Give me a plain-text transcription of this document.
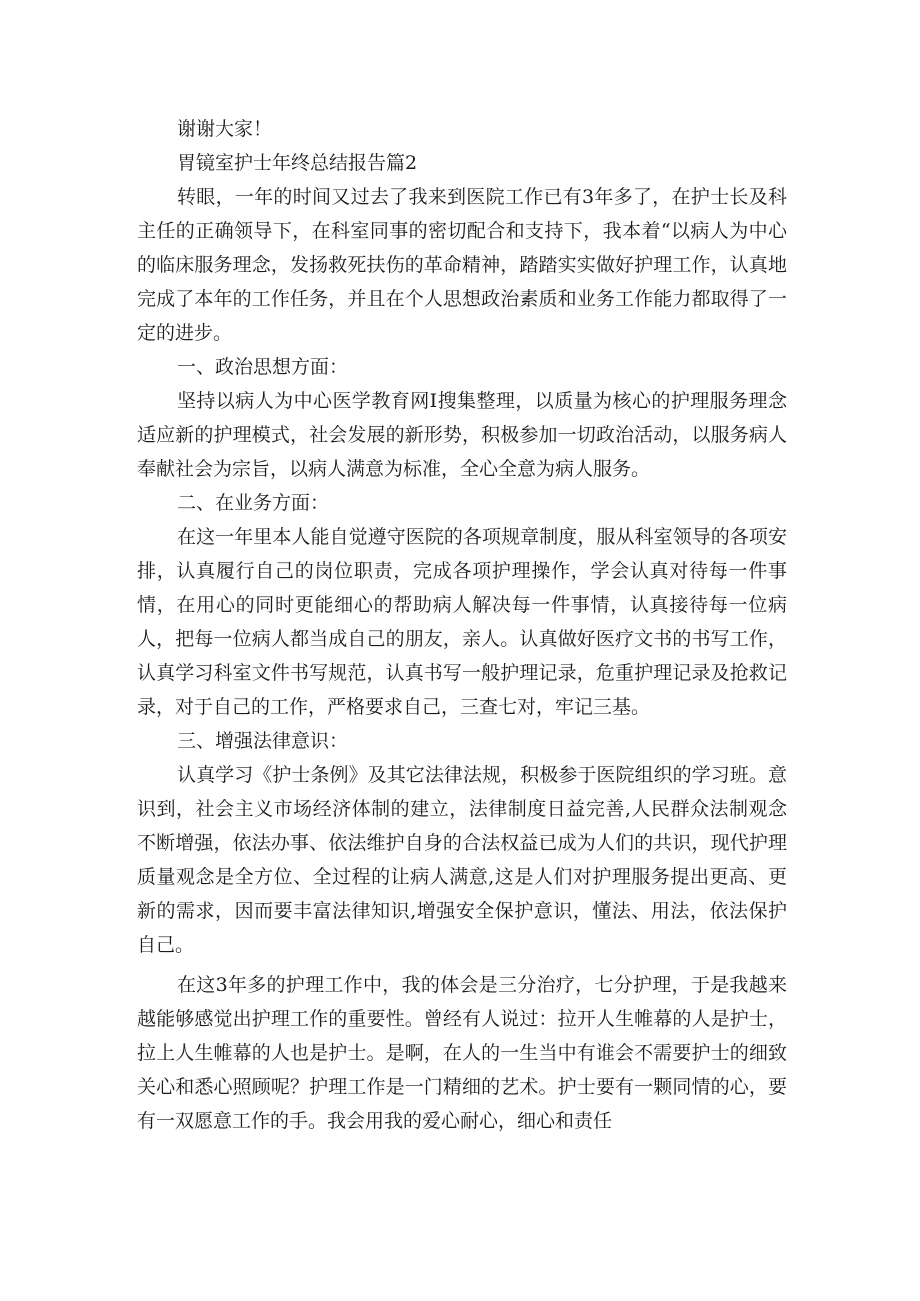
谢谢大家！

胃镜室护士年终总结报告篇2

转眼，一年的时间又过去了我来到医院工作已有3年多了，在护士长及科主任的正确领导下，在科室同事的密切配合和支持下，我本着“以病人为中心的临床服务理念，发扬救死扶伤的革命精神，踏踏实实做好护理工作，认真地完成了本年的工作任务，并且在个人思想政治素质和业务工作能力都取得了一定的进步。

一、政治思想方面：

坚持以病人为中心医学教育网I搜集整理，以质量为核心的护理服务理念适应新的护理模式，社会发展的新形势，积极参加一切政治活动，以服务病人奉献社会为宗旨，以病人满意为标准，全心全意为病人服务。

二、在业务方面：

在这一年里本人能自觉遵守医院的各项规章制度，服从科室领导的各项安排，认真履行自己的岗位职责，完成各项护理操作，学会认真对待每一件事情，在用心的同时更能细心的帮助病人解决每一件事情，认真接待每一位病人，把每一位病人都当成自己的朋友，亲人。认真做好医疗文书的书写工作，认真学习科室文件书写规范，认真书写一般护理记录，危重护理记录及抢救记录，对于自己的工作，严格要求自己，三查七对，牢记三基。

三、增强法律意识：

认真学习《护士条例》及其它法律法规，积极参于医院组织的学习班。意识到，社会主义市场经济体制的建立，法律制度日益完善,人民群众法制观念不断增强，依法办事、依法维护自身的合法权益已成为人们的共识，现代护理质量观念是全方位、全过程的让病人满意,这是人们对护理服务提出更高、更新的需求，因而要丰富法律知识,增强安全保护意识，懂法、用法，依法保护自己。

在这3年多的护理工作中，我的体会是三分治疗，七分护理，于是我越来越能够感觉出护理工作的重要性。曾经有人说过：拉开人生帷幕的人是护士，拉上人生帷幕的人也是护士。是啊，在人的一生当中有谁会不需要护士的细致关心和悉心照顾呢？护理工作是一门精细的艺术。护士要有一颗同情的心，要有一双愿意工作的手。我会用我的爱心耐心，细心和责任
